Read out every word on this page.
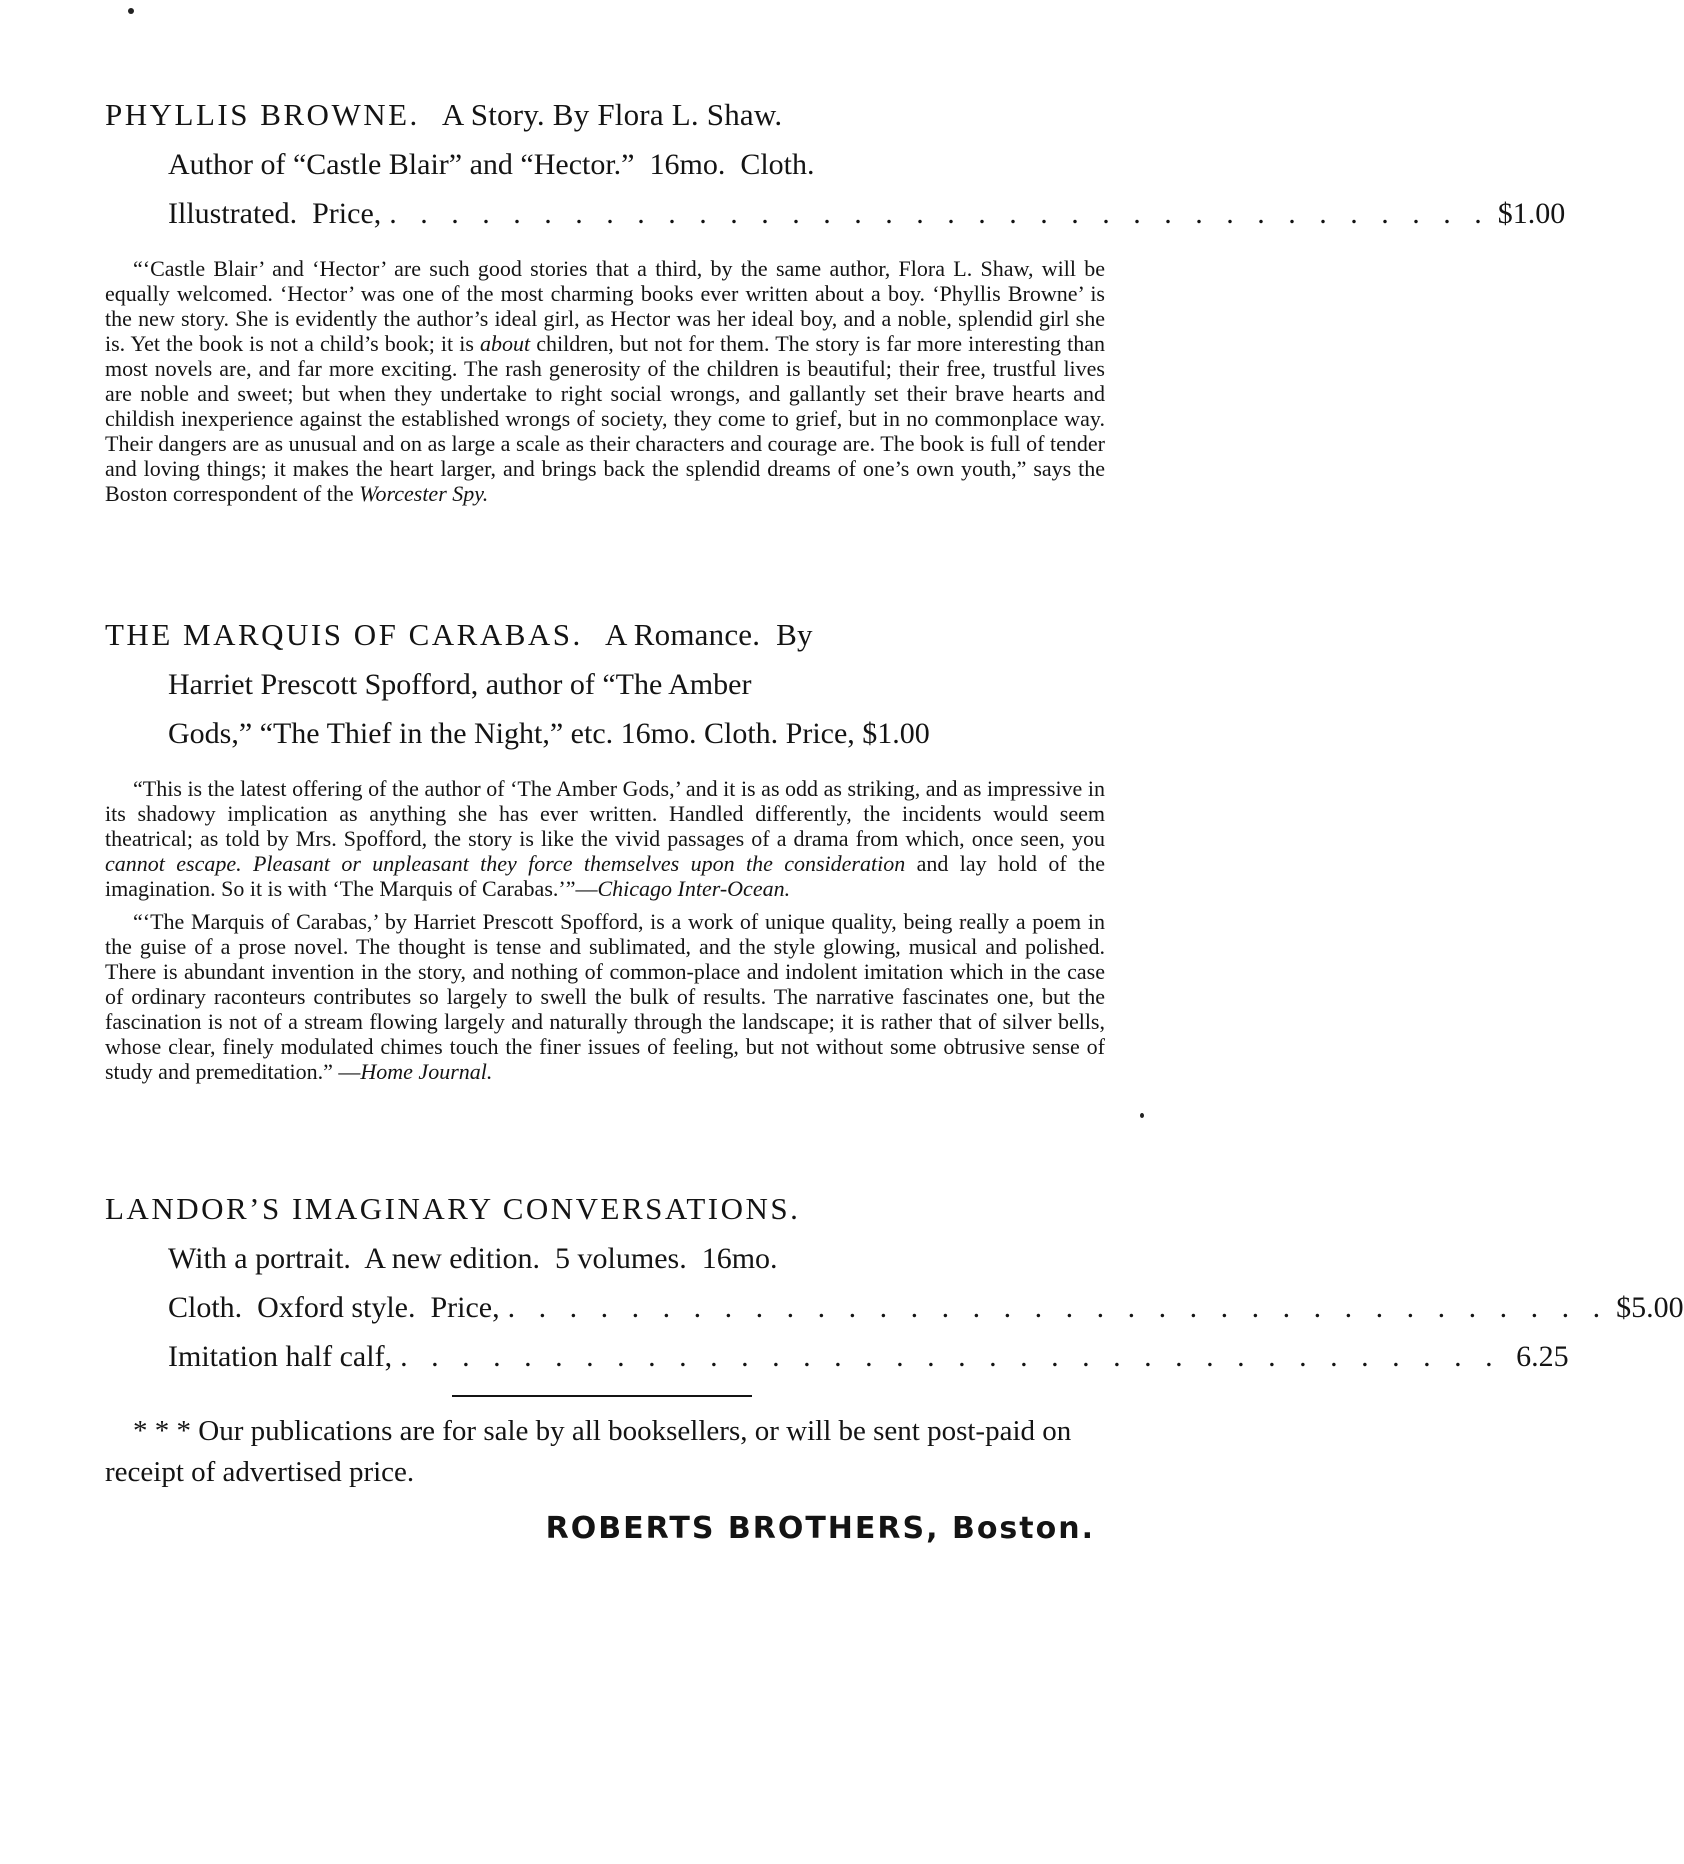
PHYLLIS BROWNE. A Story. By Flora L. Shaw.
Author of “Castle Blair” and “Hector.”  16mo.  Cloth.
Illustrated.  Price, . . . . . . . . . . . . . . . . . . . . . . . . . . . . . . . . . . . . $1.00

“‘Castle Blair’ and ‘Hector’ are such good stories that a third, by the same author, Flora L. Shaw, will be equally welcomed. ‘Hector’ was one of the most charming books ever written about a boy. ‘Phyllis Browne’ is the new story. She is evidently the author’s ideal girl, as Hector was her ideal boy, and a noble, splendid girl she is. Yet the book is not a child’s book; it is about children, but not for them. The story is far more interesting than most novels are, and far more exciting. The rash generosity of the children is beautiful; their free, trustful lives are noble and sweet; but when they undertake to right social wrongs, and gallantly set their brave hearts and childish inexperience against the established wrongs of society, they come to grief, but in no commonplace way. Their dangers are as unusual and on as large a scale as their characters and courage are. The book is full of tender and loving things; it makes the heart larger, and brings back the splendid dreams of one’s own youth,” says the Boston correspondent of the Worcester Spy.

THE MARQUIS OF CARABAS. A Romance.  By
Harriet Prescott Spofford, author of “The Amber
Gods,” “The Thief in the Night,” etc. 16mo. Cloth. Price, $1.00

“This is the latest offering of the author of ‘The Amber Gods,’ and it is as odd as striking, and as impressive in its shadowy implication as anything she has ever written. Handled differently, the incidents would seem theatrical; as told by Mrs. Spofford, the story is like the vivid passages of a drama from which, once seen, you cannot escape. Pleasant or unpleasant they force themselves upon the consideration and lay hold of the imagination. So it is with ‘The Marquis of Carabas.’”—Chicago Inter-Ocean.

“‘The Marquis of Carabas,’ by Harriet Prescott Spofford, is a work of unique quality, being really a poem in the guise of a prose novel. The thought is tense and sublimated, and the style glowing, musical and polished. There is abundant invention in the story, and nothing of common-place and indolent imitation which in the case of ordinary raconteurs contributes so largely to swell the bulk of results. The narrative fascinates one, but the fascination is not of a stream flowing largely and naturally through the landscape; it is rather that of silver bells, whose clear, finely modulated chimes touch the finer issues of feeling, but not without some obtrusive sense of study and premeditation.” —Home Journal.

LANDOR’S IMAGINARY CONVERSATIONS.
With a portrait.  A new edition.  5 volumes.  16mo.
Cloth.  Oxford style.  Price, . . . . . . . . . . . . . . . . . . . . . . . . . . . . . . . . . . . . $5.00
Imitation half calf, . . . . . . . . . . . . . . . . . . . . . . . . . . . . . . . . . . . . 6.25
* * * Our publications are for sale by all booksellers, or will be sent post-paid on receipt of advertised price.
ROBERTS BROTHERS, Boston.
